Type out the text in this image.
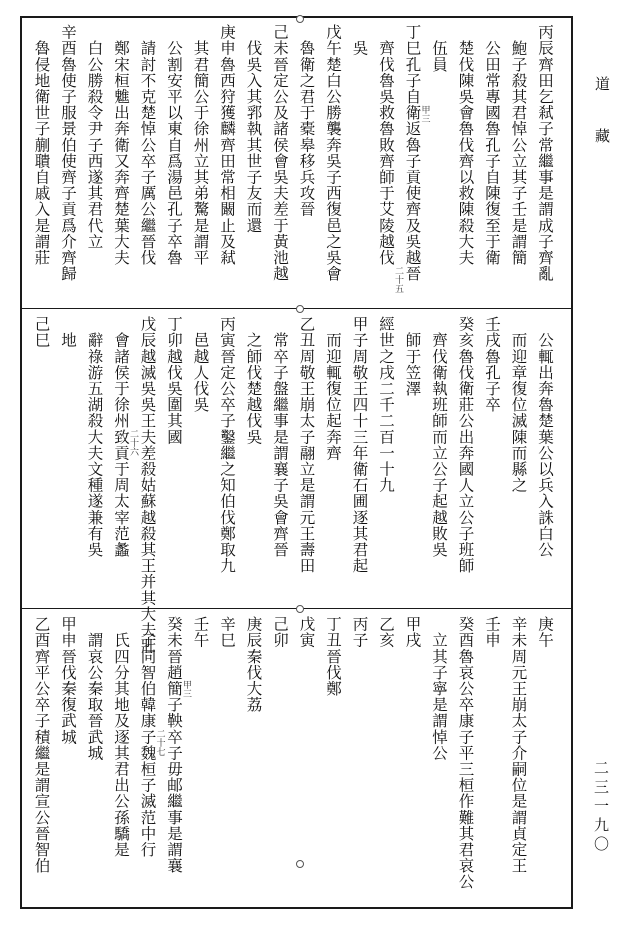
道
藏
二三一九〇

丙辰齊田乞弒子常繼事是謂成子齊亂

　鮑子殺其君悼公立其子壬是謂簡

　公田常專國魯孔子自陳復至于衛

　楚伐陳吳會魯伐齊以救陳殺大夫

　伍員

丁巳孔子自衛返魯子貢使齊及吳越晉

　齊伐魯吳救魯敗齊師于艾陵越伐

　吳

戊午楚白公勝襲奔吳子西復邑之吳會

　魯衛之君于橐皋移兵攻晉

己未晉定公及諸侯會吳夫差于黃池越

　伐吳入其郛執其世子友而還

庚申魯西狩獲麟齊田常相闞止及弒

　其君簡公于徐州立其弟驁是謂平

　公割安平以東自爲湯邑孔子卒魯

　請討不克楚悼公卒子厲公繼晉伐

　鄭宋桓魋出奔衛又奔齊楚葉大夫

　白公勝殺令尹子西遂其君代立

辛酉魯使子服景伯使齊子貢爲介齊歸

　魯侵地衛世子蒯聵自戚入是謂莊	甲三
二十五

　公輒出奔魯楚葉公以兵入誅白公

　而迎章復位滅陳而縣之

壬戌魯孔子卒

癸亥魯伐衛莊公出奔國人立公子班師

　齊伐衛執班師而立公子起越敗吳

　師于笠澤

經世之戌二千二百一十九

甲子周敬王四十三年衛石圃逐其君起

　而迎輒復位起奔齊

乙丑周敬王崩太子翮立是謂元王壽田

　常卒子盤繼事是謂襄子吳會齊晉

　之師伐楚越伐吳

丙寅晉定公卒子鑿繼之知伯伐鄭取九

　邑越人伐吳

丁卯越伐吳圍其國

戊辰越滅吳吳王夫差殺姑蘇越殺其王并其大夫壯

　會諸侯于徐州致貢于周太宰范蠡

　辭祿游五湖殺大夫文種遂兼有吳

　地

己巳

二十六

庚午

辛未周元王崩太子介嗣位是謂貞定王

壬申

癸酉魯哀公卒康子平三桓作難其君哀公

　立其子寧是謂悼公

甲戌

乙亥

丙子

丁丑晉伐鄭

戊寅

己卯

庚辰秦伐大荔

辛巳

壬午

癸未晉趙簡子鞅卒子毋邮繼事是謂襄

　子同智伯韓康子魏桓子滅范中行

　氏四分其地及逐其君出公孫驕是

　謂哀公秦取晉武城

甲申晉伐秦復武城

乙酉齊平公卒子積繼是謂宣公晉智伯	甲三
二十七
